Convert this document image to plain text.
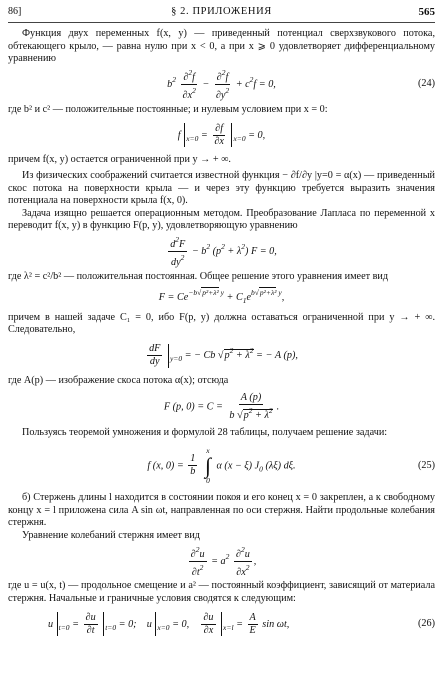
86]	§ 2. ПРИЛОЖЕНИЯ	565

Функция двух переменных f(x, y) — приведенный потенциал сверхзвукового потока, обтекающего крыло, — равна нулю при x < 0, а при x ⩾ 0 удовлетворяет дифференциальному уравнению

$b^2 \frac{\partial^2f}{\partial x^2} - \frac{\partial^2f}{\partial y^2} + c^2f = 0$,	(24)

где b² и c² — положительные постоянные; и нулевым условием при x = 0:

f $_{x=0} = \frac{\partial f}{\partial x} _{x=0} = 0$,

причем f(x, y) остается ограниченной при y → + ∞.

Из физических соображений считается известной функция − ∂f/∂y |y=0 = α(x) — приведенный скос потока на поверхности крыла — и через эту функцию требуется выразить значения потенциала на поверхности крыла f(x, 0).

Задача изящно решается операционным методом. Преобразование Лапласа по переменной x переводит f(x, y) в функцию F(p, y), удовлетворяющую уравнению

$\frac{d^2F}{dy^2} - b^2$ $(p^2 + \lambda^2) F = 0$,

где λ² = c²/b² — положительная постоянная. Общее решение этого уравнения имеет вид

$F = Ce^{-b√p^2+\lambda^2 y} + C_1e^{b√p^2+\lambda^2 y}$,

причем в нашей задаче C₁ = 0, ибо F(p, y) должна оставаться ограниченной при y → + ∞. Следовательно,

$\frac{dF}{dy} _{y=0}$ = − Cb $√p^2 + \lambda^2$ = − A (p),

где A(p) — изображение скоса потока α(x); отсюда

F (p, $0) = C = \frac{A (p)}{b √p^2 + \lambda^2}$ .

Пользуясь теоремой умножения и формулой 28 таблицы, получаем решение задачи:

f (x, $0) = \frac{1}{b}$

x
∫
0
α (x − ξ) $J_0$ (λξ) dξ.	(25)

б) Стержень длины l находится в состоянии покоя и его конец x = 0 закреплен, а к свободному концу x = l приложена сила A sin ωt, направленная по оси стержня. Найти продольные колебания стержня.

Уравнение колебаний стержня имеет вид

$\frac{\partial^2u}{\partial t^2} = a^2 \frac{\partial^2u}{\partial x^2}$ ,

где u = u(x, t) — продольное смещение и a² — постоянный коэффициент, зависящий от материала стержня. Начальные и граничные условия сводятся к следующим:

u $_{t=0} = \frac{\partial u}{\partial t} _{t=0} = 0$;    u $_{x=0}$ = 0, $\frac{\partial u}{\partial x} _{x=l} = \frac{A}{E}$ sin ωt,	(26)
